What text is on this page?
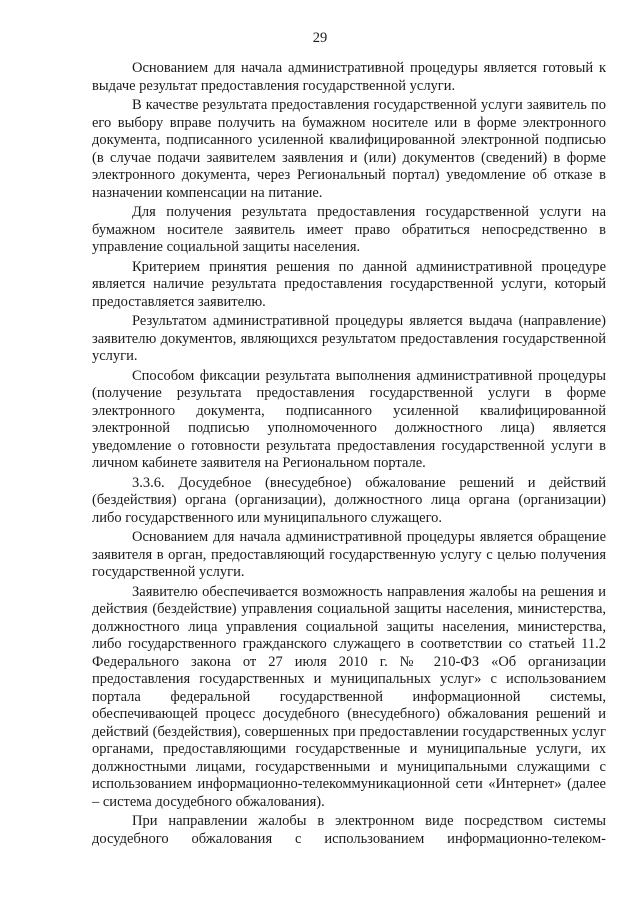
29

Основанием для начала административной процедуры является готовый к выдаче результат предоставления государственной услуги.

В качестве результата предоставления государственной услуги заявитель по его выбору вправе получить на бумажном носителе или в форме электронного документа, подписанного усиленной квалифицированной электронной подписью (в случае подачи заявителем заявления и (или) документов (сведений) в форме электронного документа, через Региональный портал) уведомление об отказе в назначении компенсации на питание.

Для получения результата предоставления государственной услуги на бумажном носителе заявитель имеет право обратиться непосредственно в управление социальной защиты населения.

Критерием принятия решения по данной административной процедуре является наличие результата предоставления государственной услуги, который предоставляется заявителю.

Результатом административной процедуры является выдача (направление) заявителю документов, являющихся результатом предоставления государственной услуги.

Способом фиксации результата выполнения административной процедуры (получение результата предоставления государственной услуги в форме электронного документа, подписанного усиленной квалифицированной электронной подписью уполномоченного должностного лица) является уведомление о готовности результата предоставления государственной услуги в личном кабинете заявителя на Региональном портале.

3.3.6. Досудебное (внесудебное) обжалование решений и действий (бездействия) органа (организации), должностного лица органа (организации) либо государственного или муниципального служащего.

Основанием для начала административной процедуры является обращение заявителя в орган, предоставляющий государственную услугу с целью получения государственной услуги.

Заявителю обеспечивается возможность направления жалобы на решения и действия (бездействие) управления социальной защиты населения, министерства, должностного лица управления социальной защиты населения, министерства, либо государственного гражданского служащего в соответствии со статьей 11.2 Федерального закона от 27 июля 2010 г. № 210-ФЗ «Об организации предоставления государственных и муниципальных услуг» с использованием портала федеральной государственной информационной системы, обеспечивающей процесс досудебного (внесудебного) обжалования решений и действий (бездействия), совершенных при предоставлении государственных услуг органами, предоставляющими государственные и муниципальные услуги, их должностными лицами, государственными и муниципальными служащими с использованием информационно-телекоммуникационной сети «Интернет» (далее – система досудебного обжалования).

При направлении жалобы в электронном виде посредством системы досудебного обжалования с использованием информационно-телеком-
